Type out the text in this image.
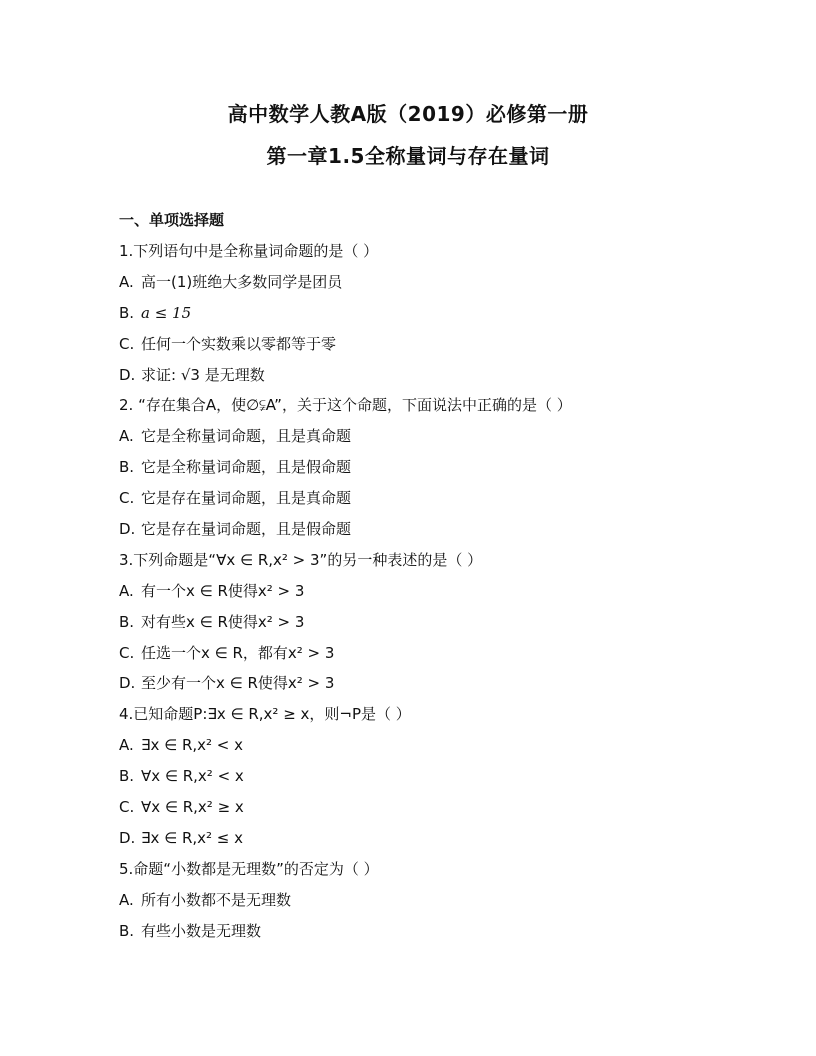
高中数学人教A版（2019）必修第一册
第一章1.5全称量词与存在量词
一、单项选择题
1.下列语句中是全称量词命题的是（ ）
A. 高一(1)班绝大多数同学是团员
B. a ≤ 15
C. 任何一个实数乘以零都等于零
D. 求证: √3 是无理数
2. “存在集合A，使∅⫋A”，关于这个命题，下面说法中正确的是（ ）
A. 它是全称量词命题，且是真命题
B. 它是全称量词命题，且是假命题
C. 它是存在量词命题，且是真命题
D. 它是存在量词命题，且是假命题
3.下列命题是“∀x ∈ R,x² > 3”的另一种表述的是（ ）
A. 有一个x ∈ R使得x² > 3
B. 对有些x ∈ R使得x² > 3
C. 任选一个x ∈ R，都有x² > 3
D. 至少有一个x ∈ R使得x² > 3
4.已知命题P:∃x ∈ R,x² ≥ x，则¬P是（ ）
A. ∃x ∈ R,x² < x
B. ∀x ∈ R,x² < x
C. ∀x ∈ R,x² ≥ x
D. ∃x ∈ R,x² ≤ x
5.命题“小数都是无理数”的否定为（ ）
A. 所有小数都不是无理数
B. 有些小数是无理数
